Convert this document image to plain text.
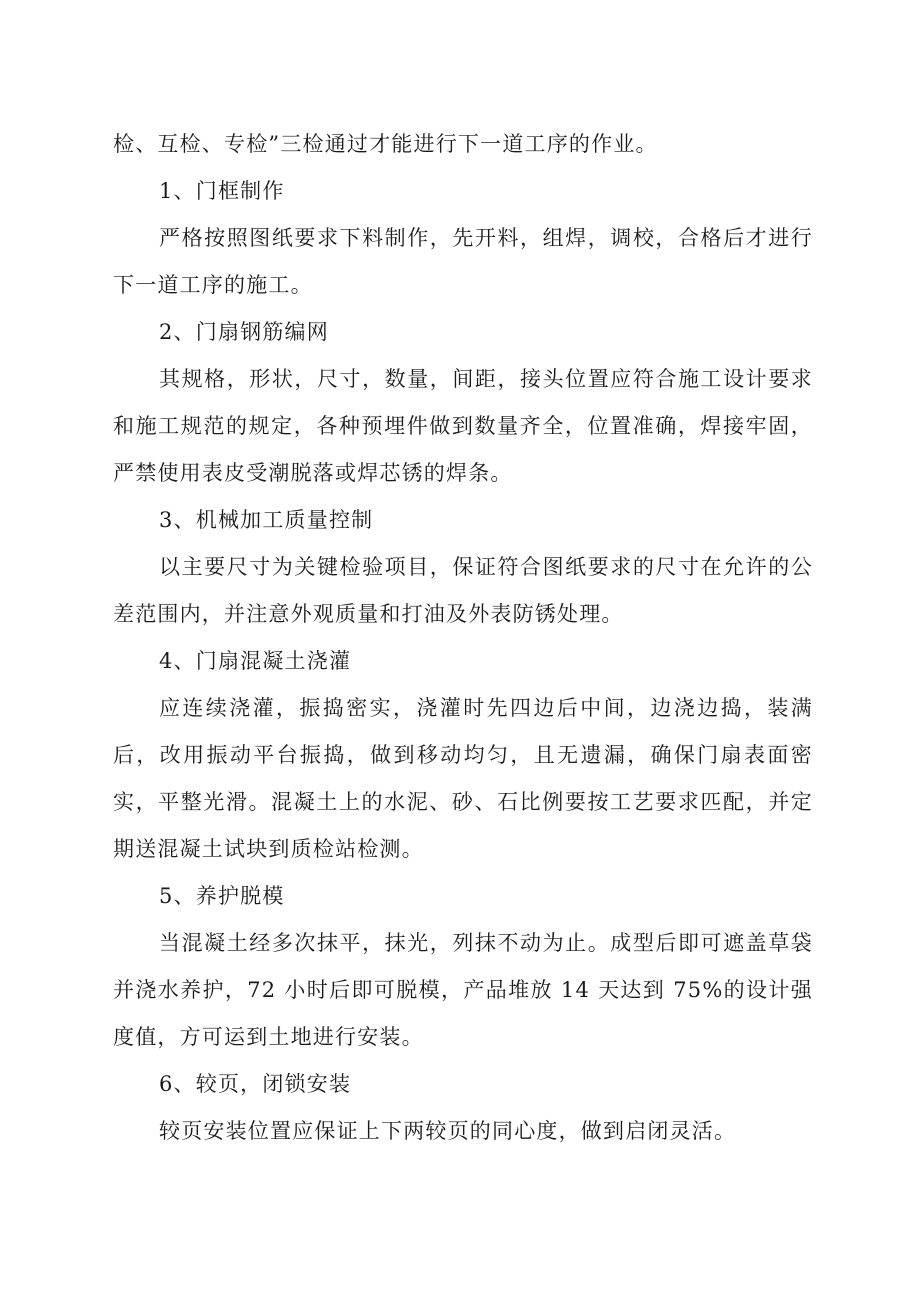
检、互检、专检”三检通过才能进行下一道工序的作业。

1、门框制作

严格按照图纸要求下料制作，先开料，组焊，调校，合格后才进行下一道工序的施工。

2、门扇钢筋编网

其规格，形状，尺寸，数量，间距，接头位置应符合施工设计要求和施工规范的规定，各种预埋件做到数量齐全，位置准确，焊接牢固，严禁使用表皮受潮脱落或焊芯锈的焊条。

3、机械加工质量控制

以主要尺寸为关键检验项目，保证符合图纸要求的尺寸在允许的公差范围内，并注意外观质量和打油及外表防锈处理。

4、门扇混凝土浇灌

应连续浇灌，振捣密实，浇灌时先四边后中间，边浇边捣，装满后，改用振动平台振捣，做到移动均匀，且无遗漏，确保门扇表面密实，平整光滑。混凝土上的水泥、砂、石比例要按工艺要求匹配，并定期送混凝土试块到质检站检测。

5、养护脱模

当混凝土经多次抹平，抹光，列抹不动为止。成型后即可遮盖草袋并浇水养护，72 小时后即可脱模，产品堆放 14 天达到 75%的设计强度值，方可运到土地进行安装。

6、较页，闭锁安装

较页安装位置应保证上下两较页的同心度，做到启闭灵活。
